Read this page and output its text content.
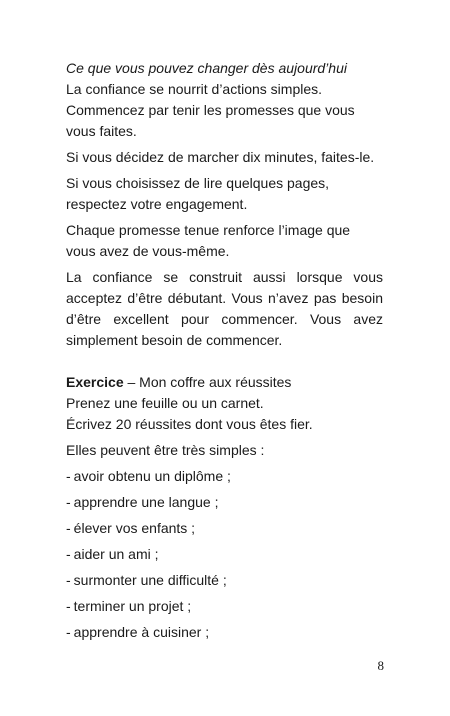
Ce que vous pouvez changer dès aujourd’hui

La confiance se nourrit d’actions simples.

Commencez par tenir les promesses que vous vous faites.

Si vous décidez de marcher dix minutes, faites-le.

Si vous choisissez de lire quelques pages, respectez votre engagement.

Chaque promesse tenue renforce l’image que vous avez de vous-même.

La confiance se construit aussi lorsque vous acceptez d’être débutant. Vous n’avez pas besoin d’être excellent pour commencer. Vous avez simplement besoin de commencer.

Exercice – Mon coffre aux réussites

Prenez une feuille ou un carnet.

Écrivez 20 réussites dont vous êtes fier.

Elles peuvent être très simples :

- avoir obtenu un diplôme ;
- apprendre une langue ;
- élever vos enfants ;
- aider un ami ;
- surmonter une difficulté ;
- terminer un projet ;
- apprendre à cuisiner ;
8
